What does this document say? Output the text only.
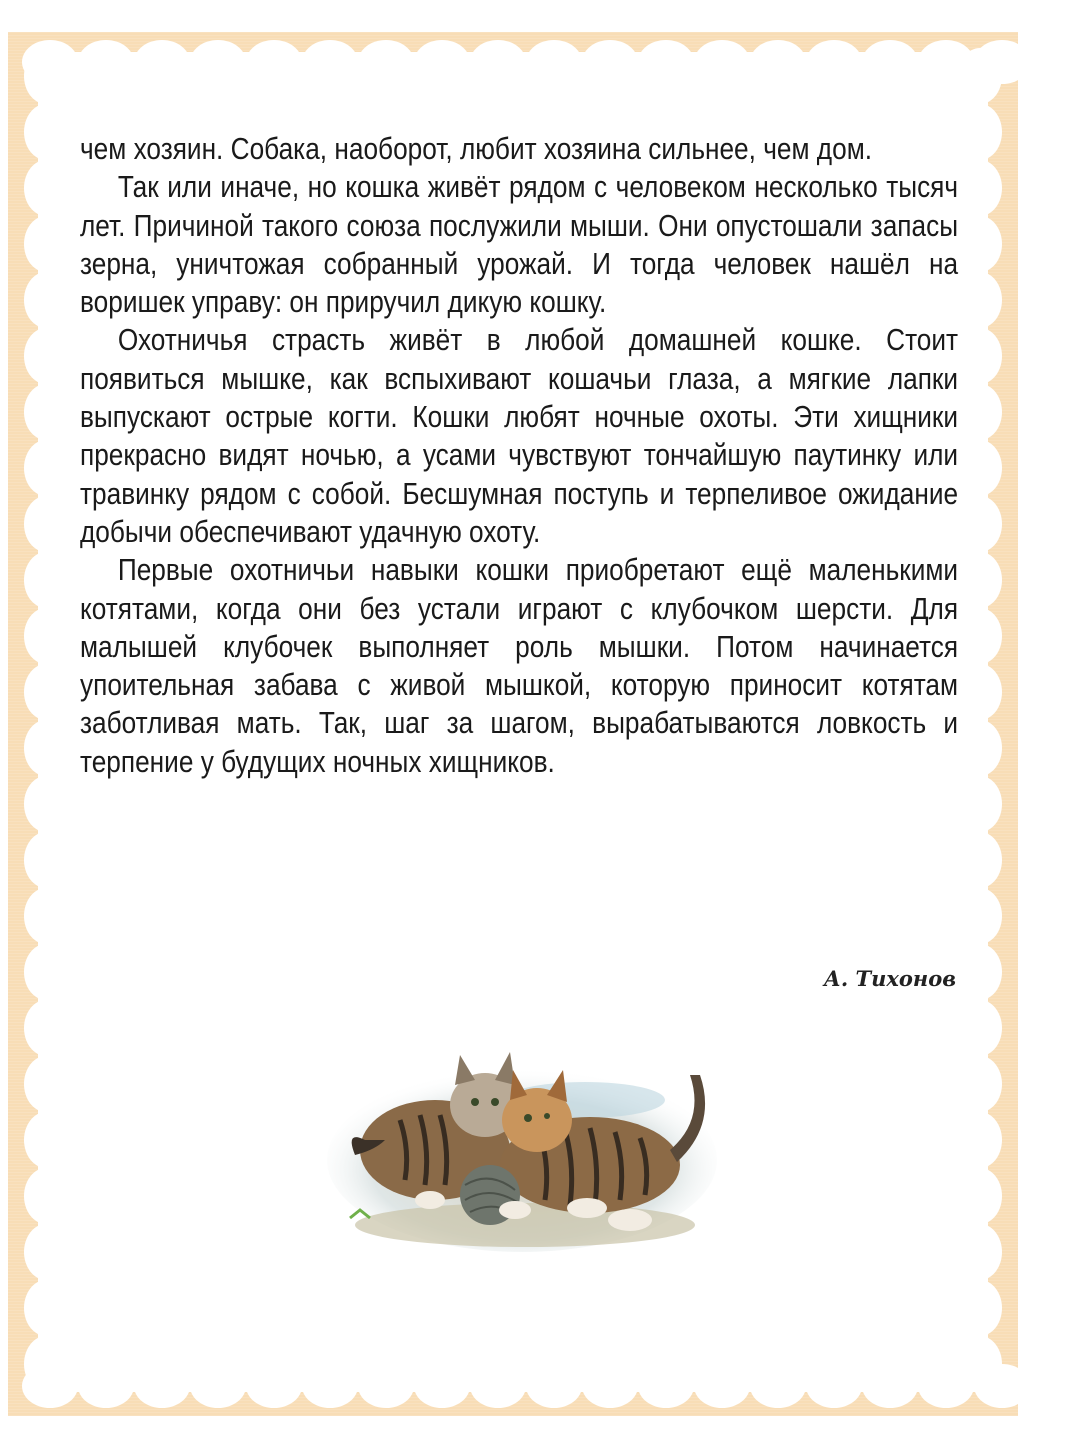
чем хозяин. Собака, наоборот, любит хозяина сильнее, чем дом.

Так или иначе, но кошка живёт рядом с человеком несколько тысяч лет. Причиной такого союза послужили мыши. Они опустошали запасы зерна, уничтожая собранный урожай. И тогда человек нашёл на воришек управу: он приручил дикую кошку.

Охотничья страсть живёт в любой домашней кошке. Стоит появиться мышке, как вспыхивают кошачьи глаза, а мягкие лапки выпускают острые когти. Кошки любят ночные охоты. Эти хищники прекрасно видят ночью, а усами чувствуют тончайшую паутинку или травинку рядом с собой. Бесшумная поступь и терпеливое ожидание добычи обеспечивают удачную охоту.

Первые охотничьи навыки кошки приобретают ещё маленькими котятами, когда они без устали играют с клубочком шерсти. Для малышей клубочек выполняет роль мышки. Потом начинается упоительная забава с живой мышкой, которую приносит котятам заботливая мать. Так, шаг за шагом, вырабатываются ловкость и терпение у будущих ночных хищников.

А. Тихонов
